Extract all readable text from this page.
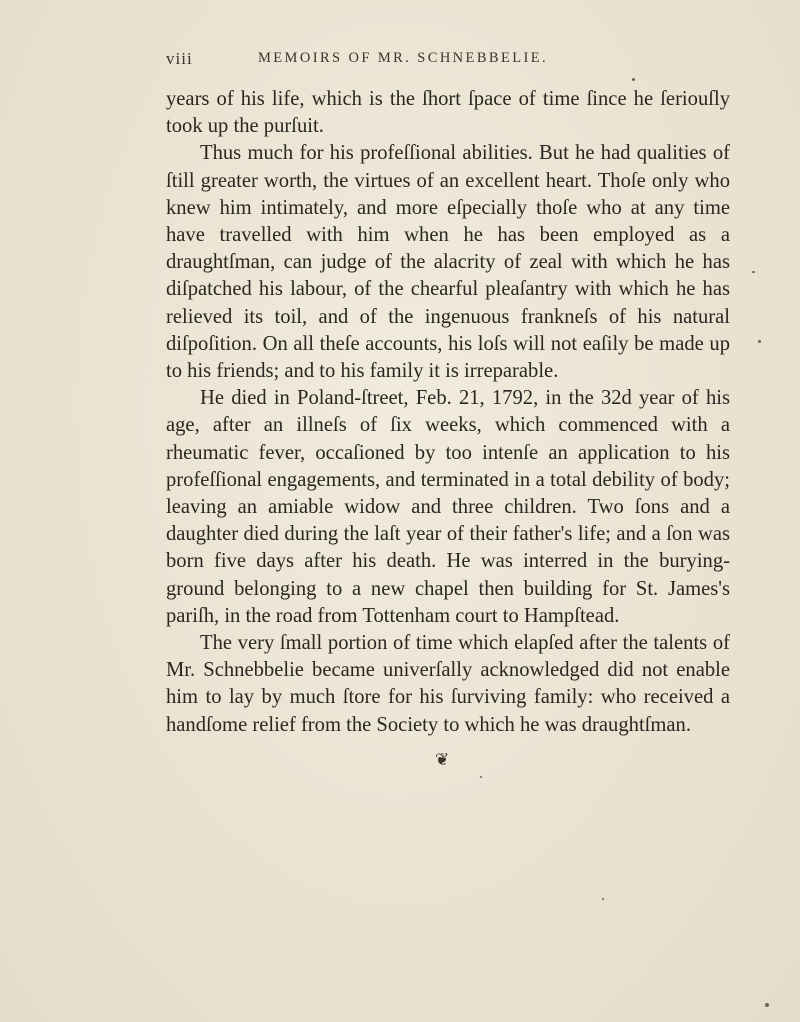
viii	MEMOIRS OF MR. SCHNEBBELIE.

years of his life, which is the ſhort ſpace of time ſince he ſeriouſly took up the purſuit.

Thus much for his profeſſional abilities. But he had qualities of ſtill greater worth, the virtues of an excellent heart. Thoſe only who knew him intimately, and more eſpecially thoſe who at any time have travelled with him when he has been employed as a draughtſman, can judge of the alacrity of zeal with which he has diſpatched his labour, of the chearful pleaſantry with which he has relieved its toil, and of the ingenuous frankneſs of his natural diſpoſition. On all theſe accounts, his loſs will not eaſily be made up to his friends; and to his family it is irreparable.

He died in Poland-ſtreet, Feb. 21, 1792, in the 32d year of his age, after an illneſs of ſix weeks, which commenced with a rheumatic fever, occaſioned by too intenſe an application to his profeſſional engagements, and terminated in a total debility of body; leaving an amiable widow and three children. Two ſons and a daughter died during the laſt year of their father's life; and a ſon was born five days after his death. He was interred in the burying-ground belonging to a new chapel then building for St. James's pariſh, in the road from Tottenham court to Hampſtead.

The very ſmall portion of time which elapſed after the talents of Mr. Schnebbelie became univerſally acknowledged did not enable him to lay by much ſtore for his ſurviving family: who received a handſome relief from the Society to which he was draughtſman.

❦
